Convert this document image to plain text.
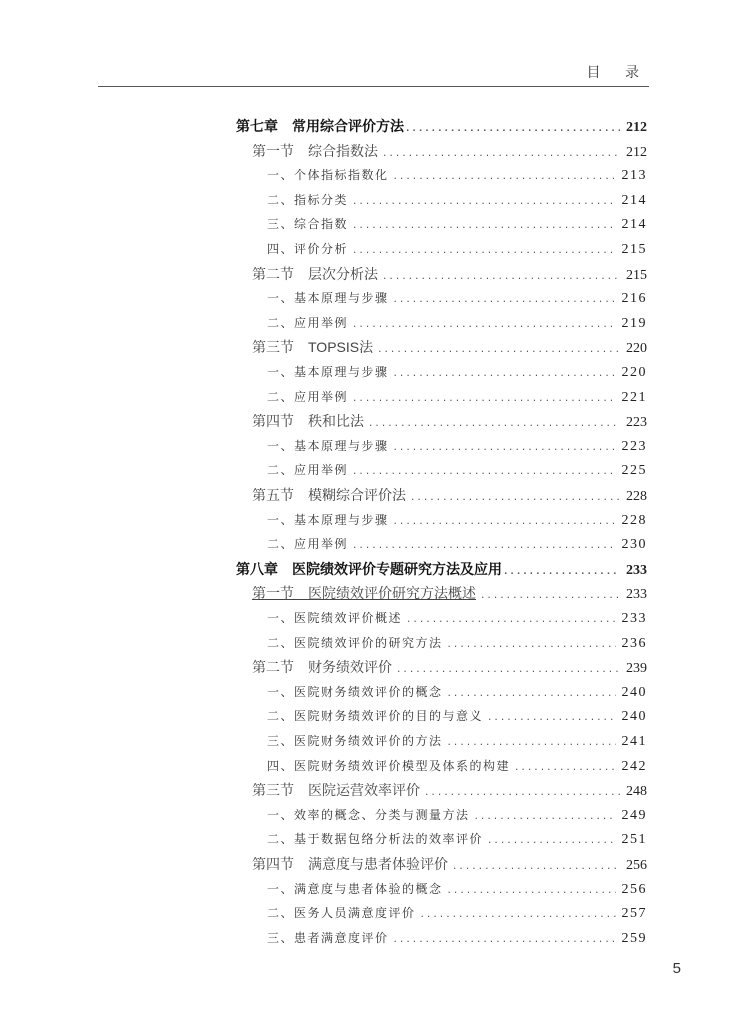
目 录
第七章　常用综合评价方法 .....	212
第一节　综合指数法 .....	212
一、个体指标指数化 .....	213
二、指标分类 .....	214
三、综合指数 .....	214
四、评价分析 .....	215
第二节　层次分析法 .....	215
一、基本原理与步骤 .....	216
二、应用举例 .....	219
第三节　TOPSIS法 .....	220
一、基本原理与步骤 .....	220
二、应用举例 .....	221
第四节　秩和比法 .....	223
一、基本原理与步骤 .....	223
二、应用举例 .....	225
第五节　模糊综合评价法 .....	228
一、基本原理与步骤 .....	228
二、应用举例 .....	230
第八章　医院绩效评价专题研究方法及应用 .....	233
第一节　医院绩效评价研究方法概述 .....	233
一、医院绩效评价概述 .....	233
二、医院绩效评价的研究方法 .....	236
第二节　财务绩效评价 .....	239
一、医院财务绩效评价的概念 .....	240
二、医院财务绩效评价的目的与意义 .....	240
三、医院财务绩效评价的方法 .....	241
四、医院财务绩效评价模型及体系的构建 .....	242
第三节　医院运营效率评价 .....	248
一、效率的概念、分类与测量方法 .....	249
二、基于数据包络分析法的效率评价 .....	251
第四节　满意度与患者体验评价 .....	256
一、满意度与患者体验的概念 .....	256
二、医务人员满意度评价 .....	257
三、患者满意度评价 .....	259
5
